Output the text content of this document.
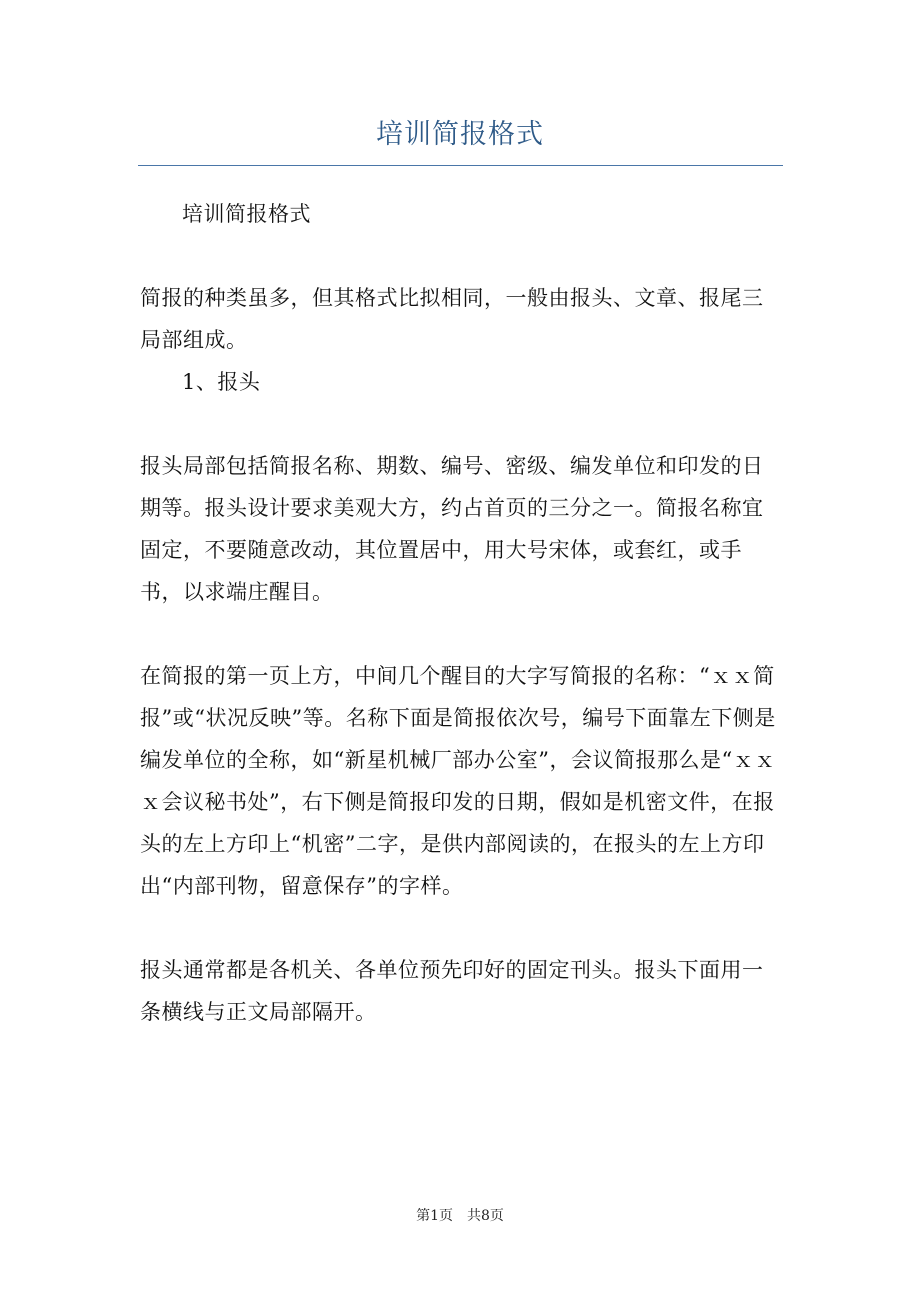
培训简报格式

培训简报格式

简报的种类虽多，但其格式比拟相同，一般由报头、文章、报尾三局部组成。

1、报头

报头局部包括简报名称、期数、编号、密级、编发单位和印发的日期等。报头设计要求美观大方，约占首页的三分之一。简报名称宜固定，不要随意改动，其位置居中，用大号宋体，或套红，或手书，以求端庄醒目。

在简报的第一页上方，中间几个醒目的大字写简报的名称：“ｘｘ简报”或“状况反映”等。名称下面是简报依次号，编号下面靠左下侧是编发单位的全称，如“新星机械厂部办公室”，会议简报那么是“ｘｘｘ会议秘书处”，右下侧是简报印发的日期，假如是机密文件，在报头的左上方印上“机密”二字，是供内部阅读的，在报头的左上方印出“内部刊物，留意保存”的字样。

报头通常都是各机关、各单位预先印好的固定刊头。报头下面用一条横线与正文局部隔开。

第1页 共8页
